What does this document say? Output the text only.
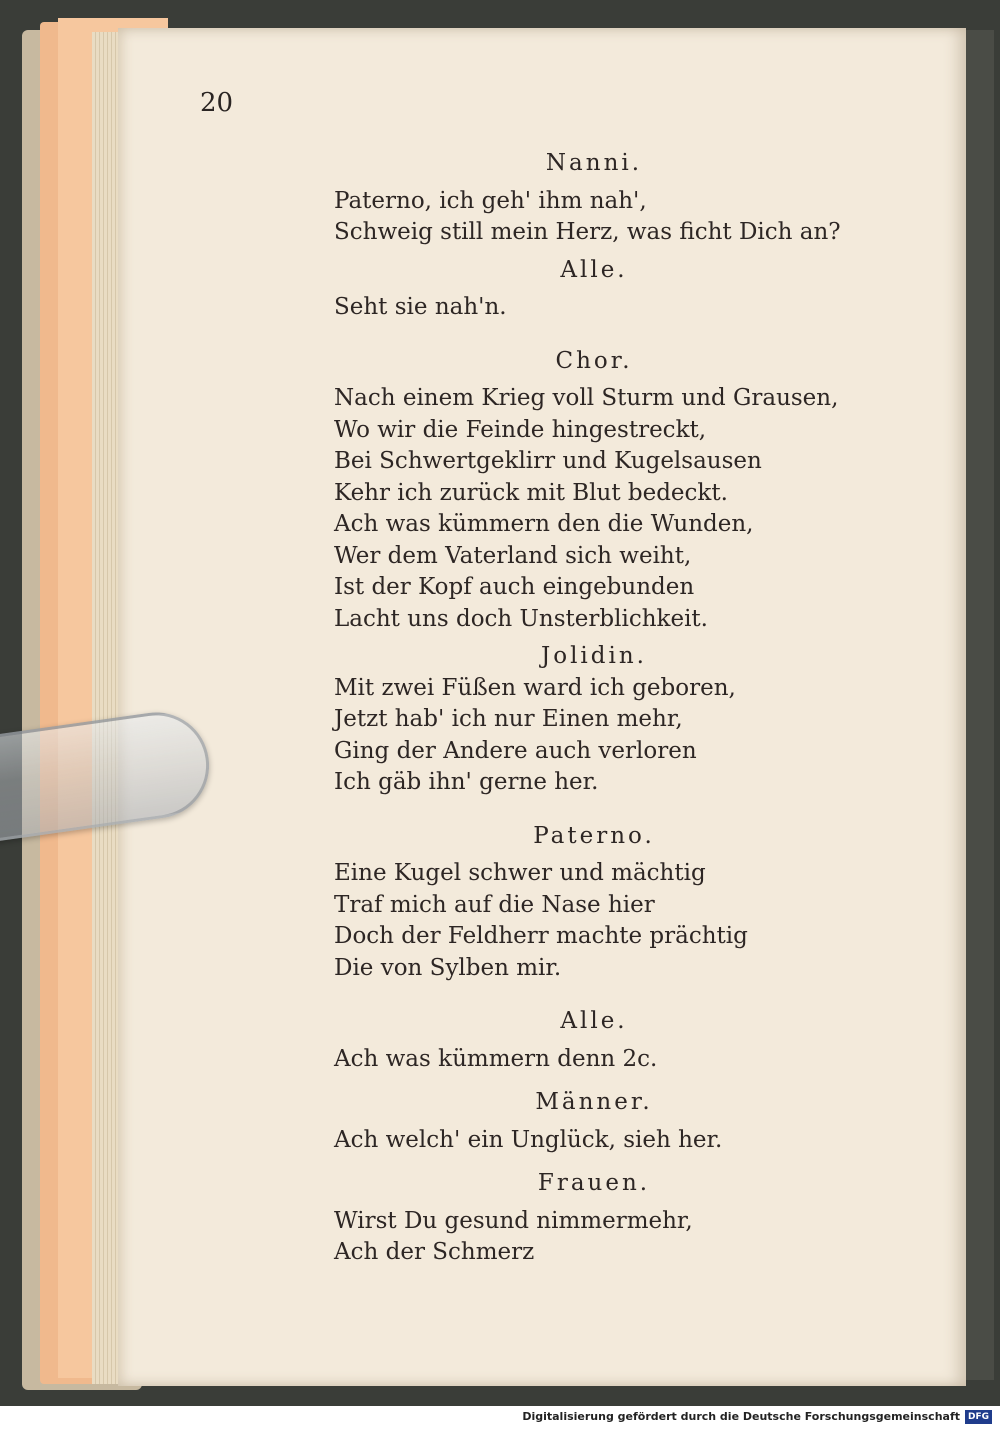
20

Nanni.

Paterno, ich geh' ihm nah',

Schweig still mein Herz, was ficht Dich an?

Alle.

Seht sie nah'n.

Chor.

Nach einem Krieg voll Sturm und Grausen,

Wo wir die Feinde hingestreckt,

Bei Schwertgeklirr und Kugelsausen

Kehr ich zurück mit Blut bedeckt.

Ach was kümmern den die Wunden,

Wer dem Vaterland sich weiht,

Ist der Kopf auch eingebunden

Lacht uns doch Unsterblichkeit.

Jolidin.

Mit zwei Füßen ward ich geboren,

Jetzt hab' ich nur Einen mehr,

Ging der Andere auch verloren

Ich gäb ihn' gerne her.

Paterno.

Eine Kugel schwer und mächtig

Traf mich auf die Nase hier

Doch der Feldherr machte prächtig

Die von Sylben mir.

Alle.

Ach was kümmern denn 2c.

Männer.

Ach welch' ein Unglück, sieh her.

Frauen.

Wirst Du gesund nimmermehr,

Ach der Schmerz

Digitalisierung gefördert durch die Deutsche Forschungsgemeinschaft DFG
